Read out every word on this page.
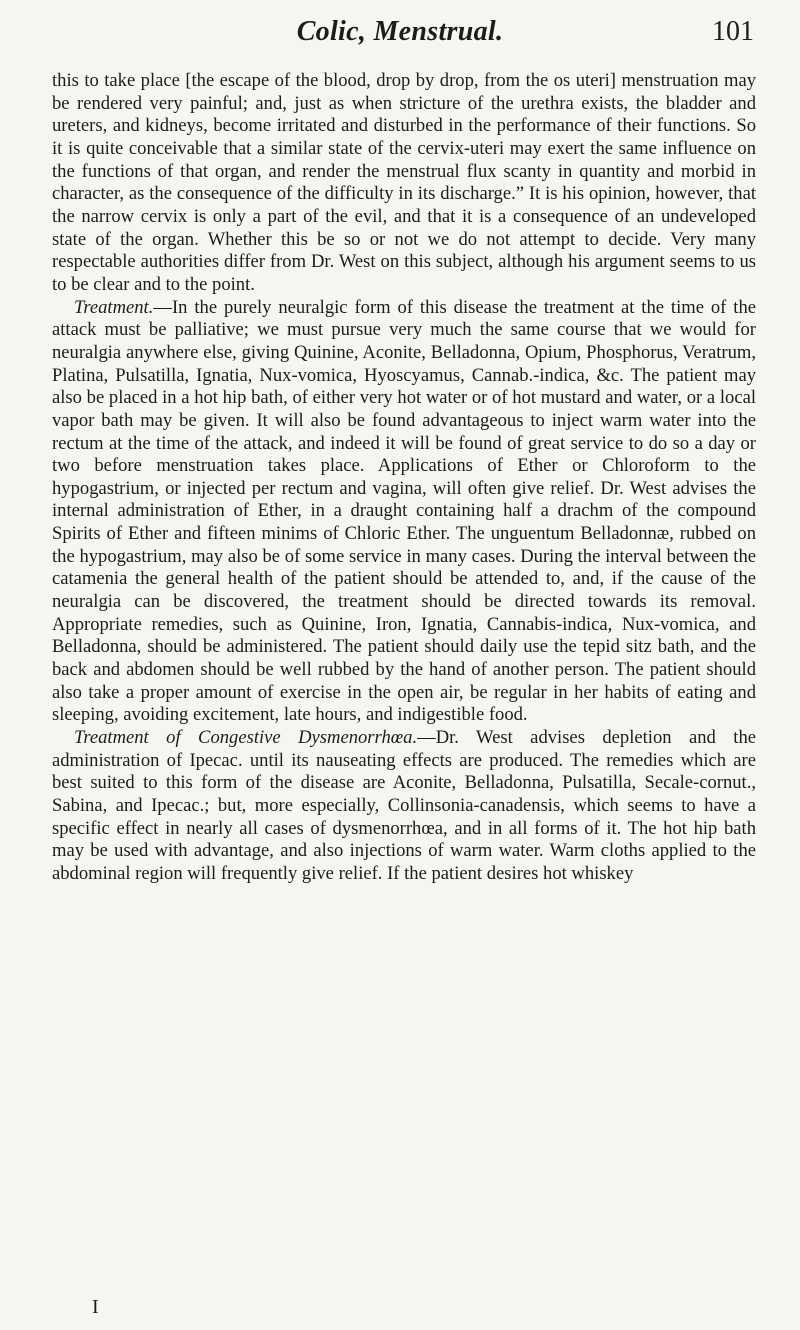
Colic, Menstrual.	101

this to take place [the escape of the blood, drop by drop, from the os uteri] menstruation may be rendered very painful; and, just as when stricture of the urethra exists, the bladder and ureters, and kidneys, become irritated and disturbed in the performance of their functions. So it is quite conceivable that a similar state of the cervix-uteri may exert the same influence on the functions of that organ, and render the menstrual flux scanty in quantity and morbid in character, as the consequence of the difficulty in its discharge.” It is his opinion, however, that the narrow cervix is only a part of the evil, and that it is a consequence of an undeveloped state of the organ. Whether this be so or not we do not attempt to decide. Very many respectable authorities differ from Dr. West on this subject, although his argument seems to us to be clear and to the point.

Treatment.—In the purely neuralgic form of this disease the treatment at the time of the attack must be palliative; we must pursue very much the same course that we would for neuralgia anywhere else, giving Quinine, Aconite, Belladonna, Opium, Phosphorus, Veratrum, Platina, Pulsatilla, Ignatia, Nux-vomica, Hyoscyamus, Cannab.-indica, &c. The patient may also be placed in a hot hip bath, of either very hot water or of hot mustard and water, or a local vapor bath may be given. It will also be found advantageous to inject warm water into the rectum at the time of the attack, and indeed it will be found of great service to do so a day or two before menstruation takes place. Applications of Ether or Chloroform to the hypogastrium, or injected per rectum and vagina, will often give relief. Dr. West advises the internal administration of Ether, in a draught containing half a drachm of the compound Spirits of Ether and fifteen minims of Chloric Ether. The unguentum Belladonnæ, rubbed on the hypogastrium, may also be of some service in many cases. During the interval between the catamenia the general health of the patient should be attended to, and, if the cause of the neuralgia can be discovered, the treatment should be directed towards its removal. Appropriate remedies, such as Quinine, Iron, Ignatia, Cannabis-indica, Nux-vomica, and Belladonna, should be administered. The patient should daily use the tepid sitz bath, and the back and abdomen should be well rubbed by the hand of another person. The patient should also take a proper amount of exercise in the open air, be regular in her habits of eating and sleeping, avoiding excitement, late hours, and indigestible food.

Treatment of Congestive Dysmenorrhœa.—Dr. West advises depletion and the administration of Ipecac. until its nauseating effects are produced. The remedies which are best suited to this form of the disease are Aconite, Belladonna, Pulsatilla, Secale-cornut., Sabina, and Ipecac.; but, more especially, Collinsonia-canadensis, which seems to have a specific effect in nearly all cases of dysmenorrhœa, and in all forms of it. The hot hip bath may be used with advantage, and also injections of warm water. Warm cloths applied to the abdominal region will frequently give relief. If the patient desires hot whiskey

I
